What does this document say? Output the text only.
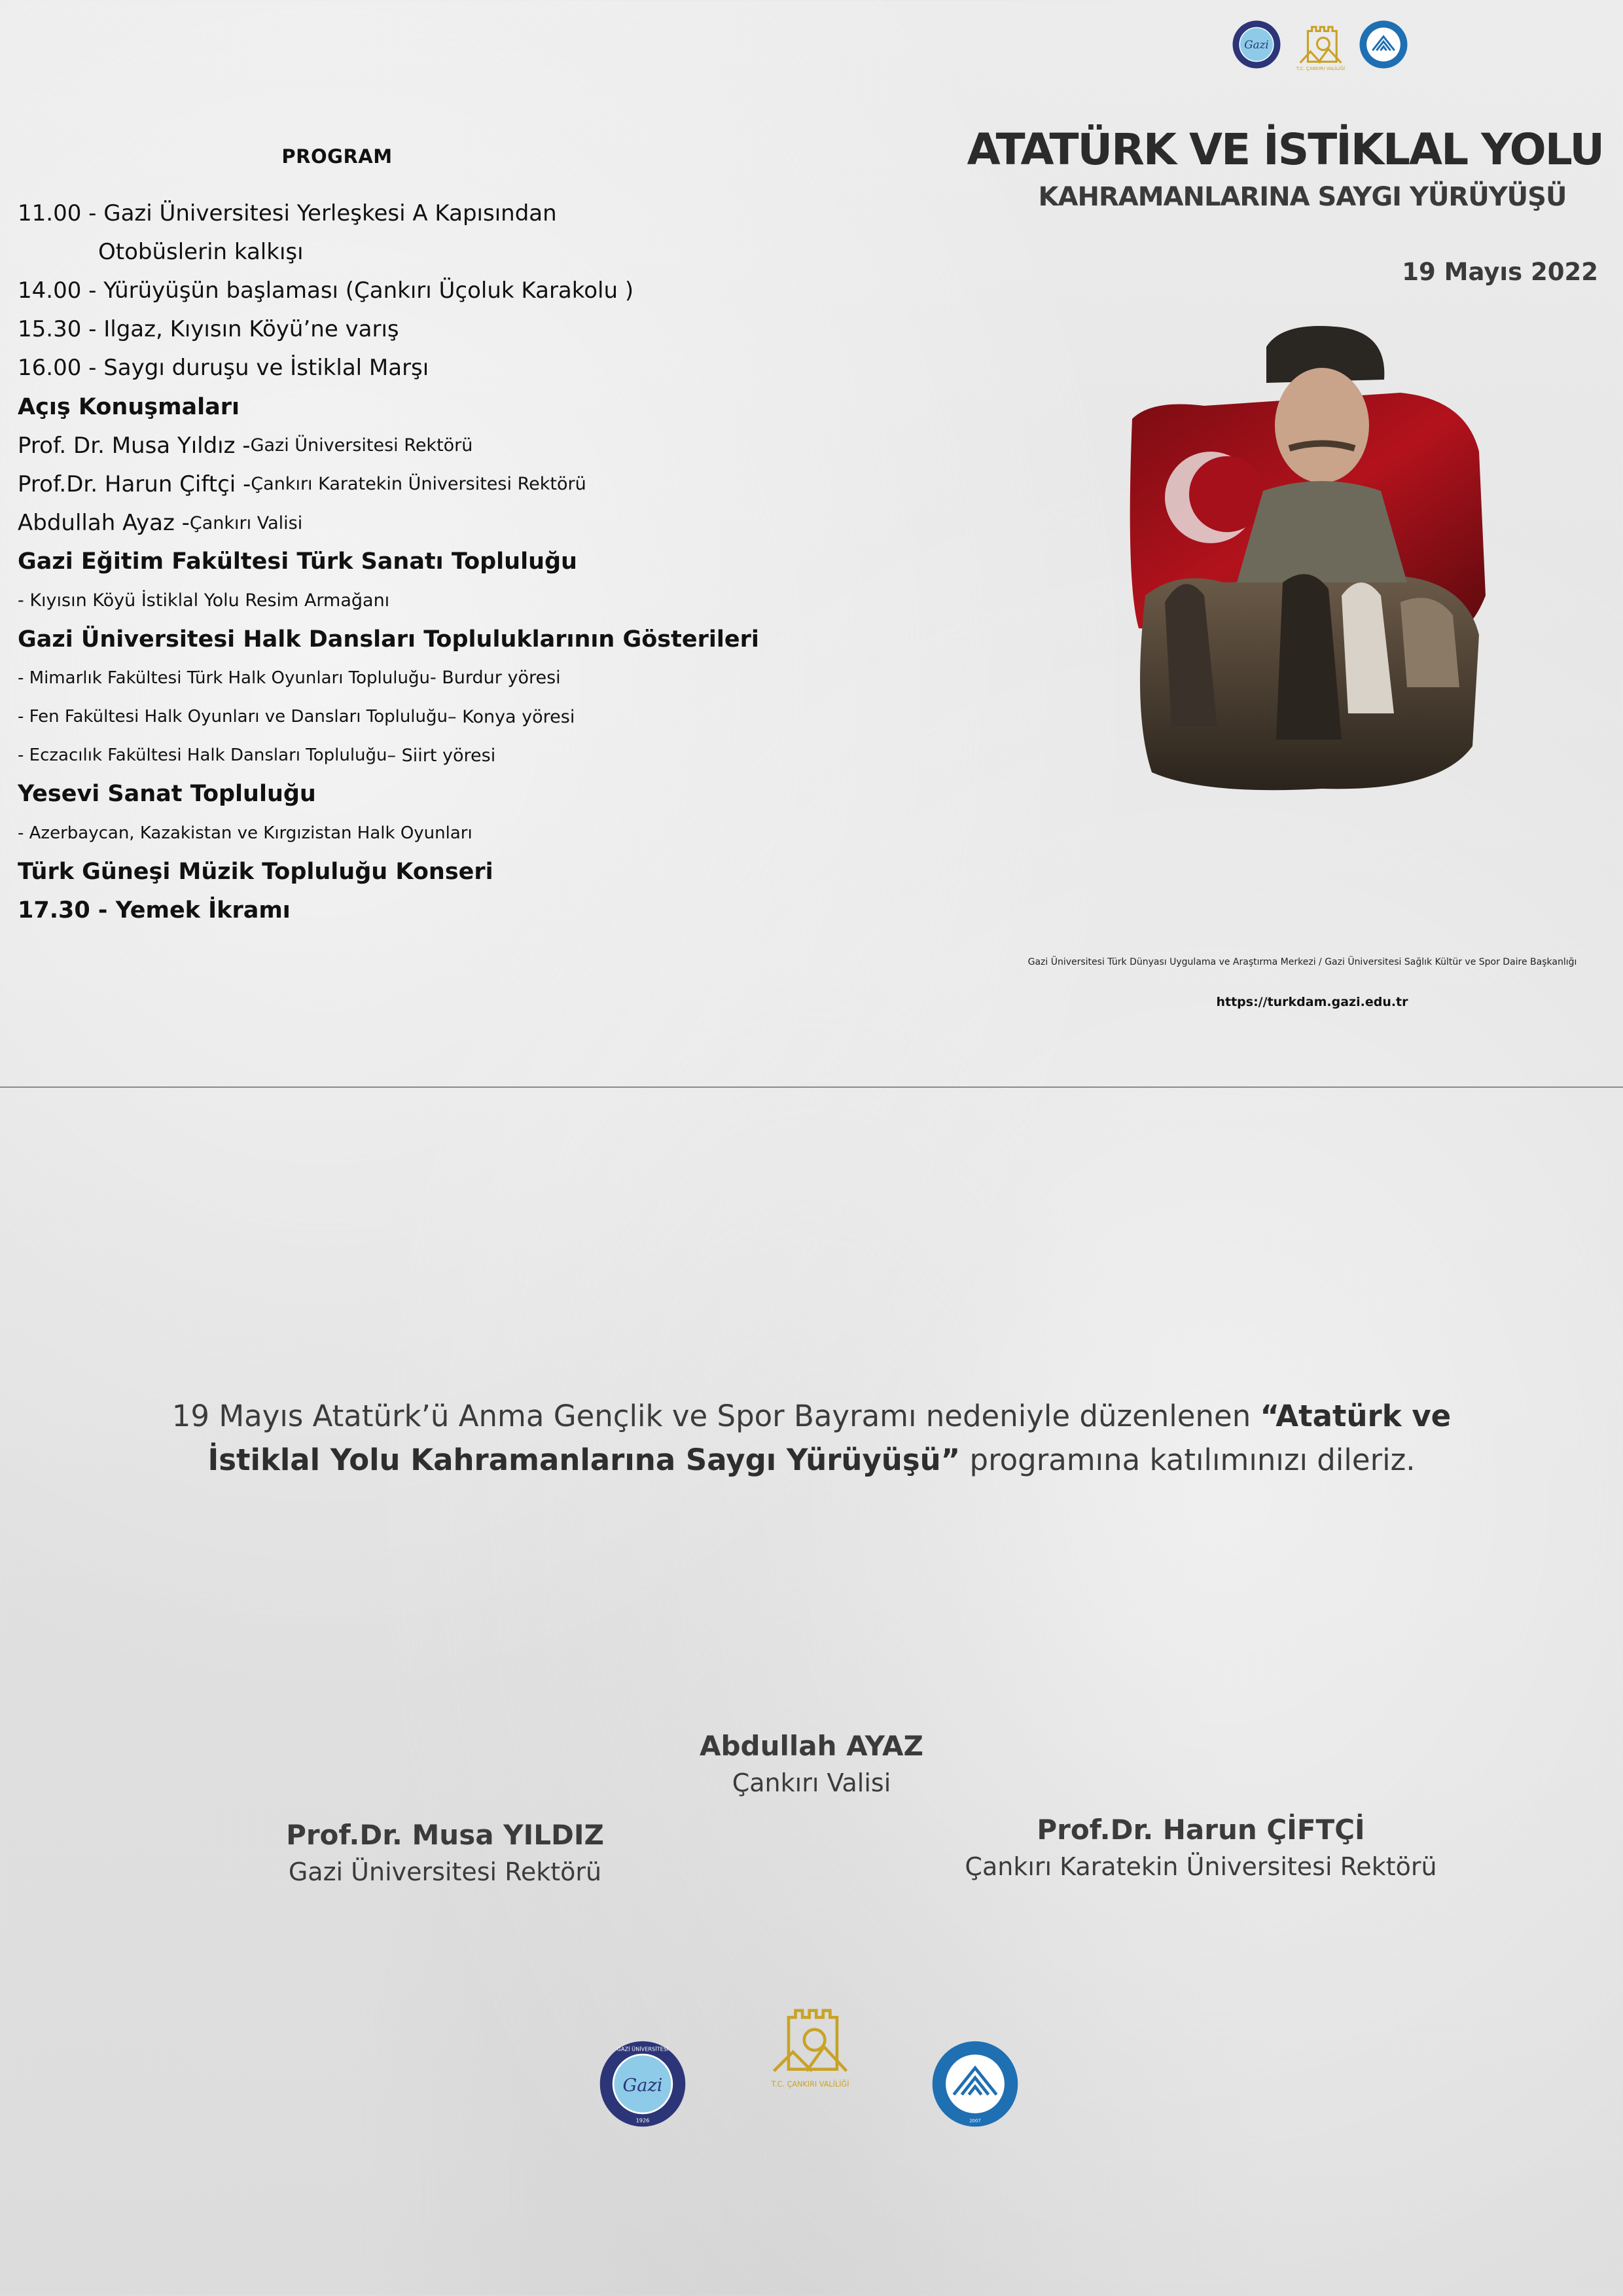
Gazi
T.C. ÇANKIRI VALİLİĞİ
PROGRAM
11.00 - Gazi Üniversitesi Yerleşkesi A Kapısından
Otobüslerin kalkışı
14.00 - Yürüyüşün başlaması (Çankırı Üçoluk Karakolu )
15.30 - Ilgaz, Kıyısın Köyü’ne varış
16.00 - Saygı duruşu ve İstiklal Marşı
Açış Konuşmaları
Prof. Dr. Musa Yıldız - Gazi Üniversitesi Rektörü
Prof.Dr. Harun Çiftçi - Çankırı Karatekin Üniversitesi Rektörü
Abdullah Ayaz - Çankırı Valisi
Gazi Eğitim Fakültesi Türk Sanatı Topluluğu
- Kıyısın Köyü İstiklal Yolu Resim Armağanı
Gazi Üniversitesi Halk Dansları Topluluklarının Gösterileri
- Mimarlık Fakültesi Türk Halk Oyunları Topluluğu - Burdur yöresi
- Fen Fakültesi Halk Oyunları ve Dansları Topluluğu – Konya yöresi
- Eczacılık Fakültesi Halk Dansları Topluluğu – Siirt yöresi
Yesevi Sanat Topluluğu
- Azerbaycan, Kazakistan ve Kırgızistan Halk Oyunları
Türk Güneşi Müzik Topluluğu Konseri
17.30 - Yemek İkramı
ATATÜRK VE İSTİKLAL YOLU
KAHRAMANLARINA SAYGI YÜRÜYÜŞÜ
19 Mayıs 2022
Gazi Üniversitesi Türk Dünyası Uygulama ve Araştırma Merkezi / Gazi Üniversitesi Sağlık Kültür ve Spor Daire Başkanlığı
https://turkdam.gazi.edu.tr
19 Mayıs Atatürk’ü Anma Gençlik ve Spor Bayramı nedeniyle düzenlenen “Atatürk ve İstiklal Yolu Kahramanlarına Saygı Yürüyüşü” programına katılımınızı dileriz.
Abdullah AYAZ
Çankırı Valisi
Prof.Dr. Musa YILDIZ
Gazi Üniversitesi Rektörü
Prof.Dr. Harun ÇİFTÇİ
Çankırı Karatekin Üniversitesi Rektörü
Gazi
1926
GAZİ ÜNİVERSİTESİ
T.C. ÇANKIRI VALİLİĞİ
2007
